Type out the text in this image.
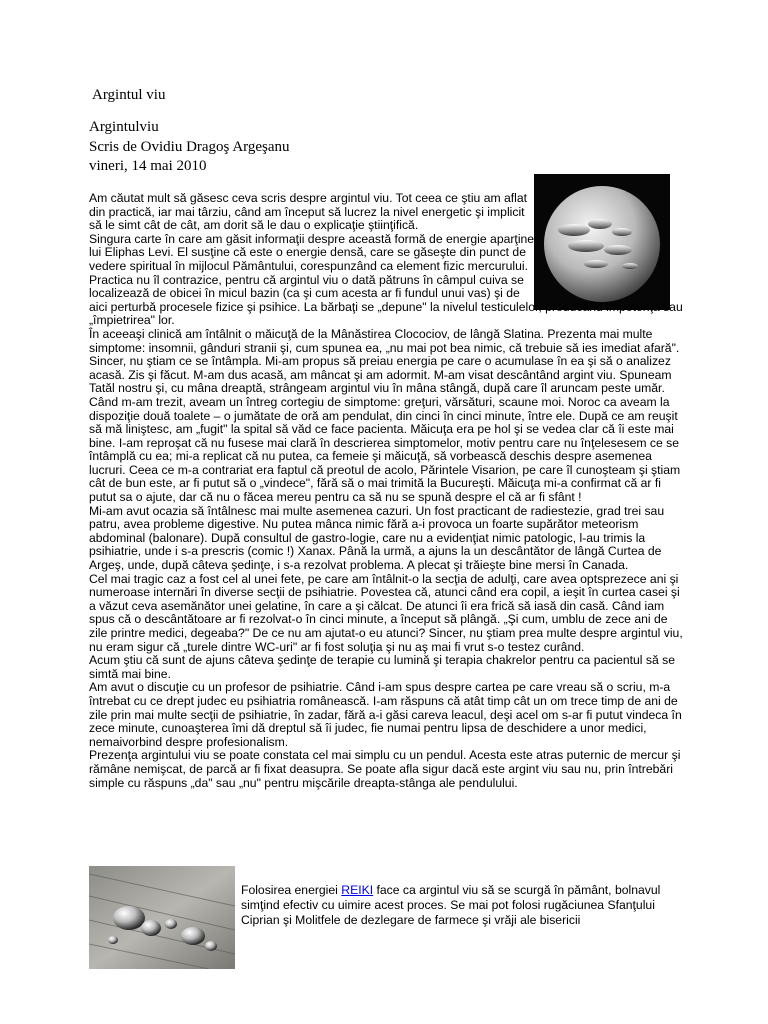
Argintul viu
Argintulviu
Scris de Ovidiu Dragoş Argeşanu
vineri, 14 mai 2010

Am căutat mult să găsesc ceva scris despre argintul viu. Tot ceea ce ştiu am aflat din practică, iar mai târziu, când am început să lucrez la nivel energetic şi implicit să le simt cât de cât, am dorit să le dau o explicaţie ştiinţifică.

Singura carte în care am găsit informaţii despre această formă de energie aparţine lui Eliphas Levi. El susţine că este o energie densă, care se găseşte din punct de vedere spiritual în mijlocul Pământului, corespunzând ca element fizic mercurului. Practica nu îl contrazice, pentru că argintul viu o dată pătruns în câmpul cuiva se localizează de obicei în micul bazin (ca şi cum acesta ar fi fundul unui vas) şi de aici perturbă procesele fizice şi psihice. La bărbaţi se „depune" la nivelul testiculelor, producând impotenţă sau „împietrirea" lor.

În aceeaşi clinică am întâlnit o măicuţă de la Mânăstirea Clocociov, de lângă Slatina. Prezenta mai multe simptome: insomnii, gânduri stranii şi, cum spunea ea, „nu mai pot bea nimic, că trebuie să ies imediat afară". Sincer, nu ştiam ce se întâmpla. Mi-am propus să preiau energia pe care o acumulase în ea şi să o analizez acasă. Zis şi făcut. M-am dus acasă, am mâncat şi am adormit. M-am visat descântând argint viu. Spuneam Tatăl nostru şi, cu mâna dreaptă, strângeam argintul viu în mâna stângă, după care îl aruncam peste umăr. Când m-am trezit, aveam un întreg cortegiu de simptome: greţuri, vărsături, scaune moi. Noroc ca aveam la dispoziţie două toalete – o jumătate de oră am pendulat, din cinci în cinci minute, între ele. După ce am reuşit să mă liniştesc, am „fugit" la spital să văd ce face pacienta. Măicuţa era pe hol şi se vedea clar că îi este mai bine. I-am reproşat că nu fusese mai clară în descrierea simptomelor, motiv pentru care nu înţelesesem ce se întâmplă cu ea; mi-a replicat că nu putea, ca femeie şi măicuţă, să vorbească deschis despre asemenea lucruri. Ceea ce m-a contrariat era faptul că preotul de acolo, Părintele Visarion, pe care îl cunoşteam şi ştiam cât de bun este, ar fi putut să o „vindece", fără să o mai trimită la Bucureşti. Măicuţa mi-a confirmat că ar fi putut sa o ajute, dar că nu o făcea mereu pentru ca să nu se spună despre el că ar fi sfânt !

Mi-am avut ocazia să întâlnesc mai multe asemenea cazuri. Un fost practicant de radiestezie, grad trei sau patru, avea probleme digestive. Nu putea mânca nimic fără a-i provoca un foarte supărător meteorism abdominal (balonare). După consultul de gastro-logie, care nu a evidenţiat nimic patologic, l-au trimis la psihiatrie, unde i s-a prescris (comic !) Xanax. Până la urmă, a ajuns la un descântător de lângă Curtea de Argeş, unde, după câteva şedinţe, i s-a rezolvat problema. A plecat şi trăieşte bine mersi în Canada.

Cel mai tragic caz a fost cel al unei fete, pe care am întâlnit-o la secţia de adulţi, care avea optsprezece ani şi numeroase internări în diverse secţii de psihiatrie. Povestea că, atunci când era copil, a ieşit în curtea casei şi a văzut ceva asemănător unei gelatine, în care a şi călcat. De atunci îi era frică să iasă din casă. Când iam spus că o descântătoare ar fi rezolvat-o în cinci minute, a început să plângă. „Şi cum, umblu de zece ani de zile printre medici, degeaba?" De ce nu am ajutat-o eu atunci? Sincer, nu ştiam prea multe despre argintul viu, nu eram sigur că „turele dintre WC-uri" ar fi fost soluţia şi nu aş mai fi vrut s-o testez curând.

Acum ştiu că sunt de ajuns câteva şedinţe de terapie cu lumină şi terapia chakrelor pentru ca pacientul să se simtă mai bine.

Am avut o discuţie cu un profesor de psihiatrie. Când i-am spus despre cartea pe care vreau să o scriu, m-a întrebat cu ce drept judec eu psihiatria românească. I-am răspuns că atât timp cât un om trece timp de ani de zile prin mai multe secţii de psihiatrie, în zadar, fără a-i găsi careva leacul, deşi acel om s-ar fi putut vindeca în zece minute, cunoaşterea îmi dă dreptul să îi judec, fie numai pentru lipsa de deschidere a unor medici, nemaivorbind despre profesionalism.

Prezenţa argintului viu se poate constata cel mai simplu cu un pendul. Acesta este atras puternic de mercur şi rămâne nemişcat, de parcă ar fi fixat deasupra. Se poate afla sigur dacă este argint viu sau nu, prin întrebări simple cu răspuns „da" sau „nu" pentru mişcările dreapta-stânga ale pendulului.

Folosirea energiei REIKI face ca argintul viu să se scurgă în pământ, bolnavul simţind efectiv cu uimire acest proces. Se mai pot folosi rugăciunea Sfanţului Ciprian şi Molitfele de dezlegare de farmece şi vrăji ale bisericii
